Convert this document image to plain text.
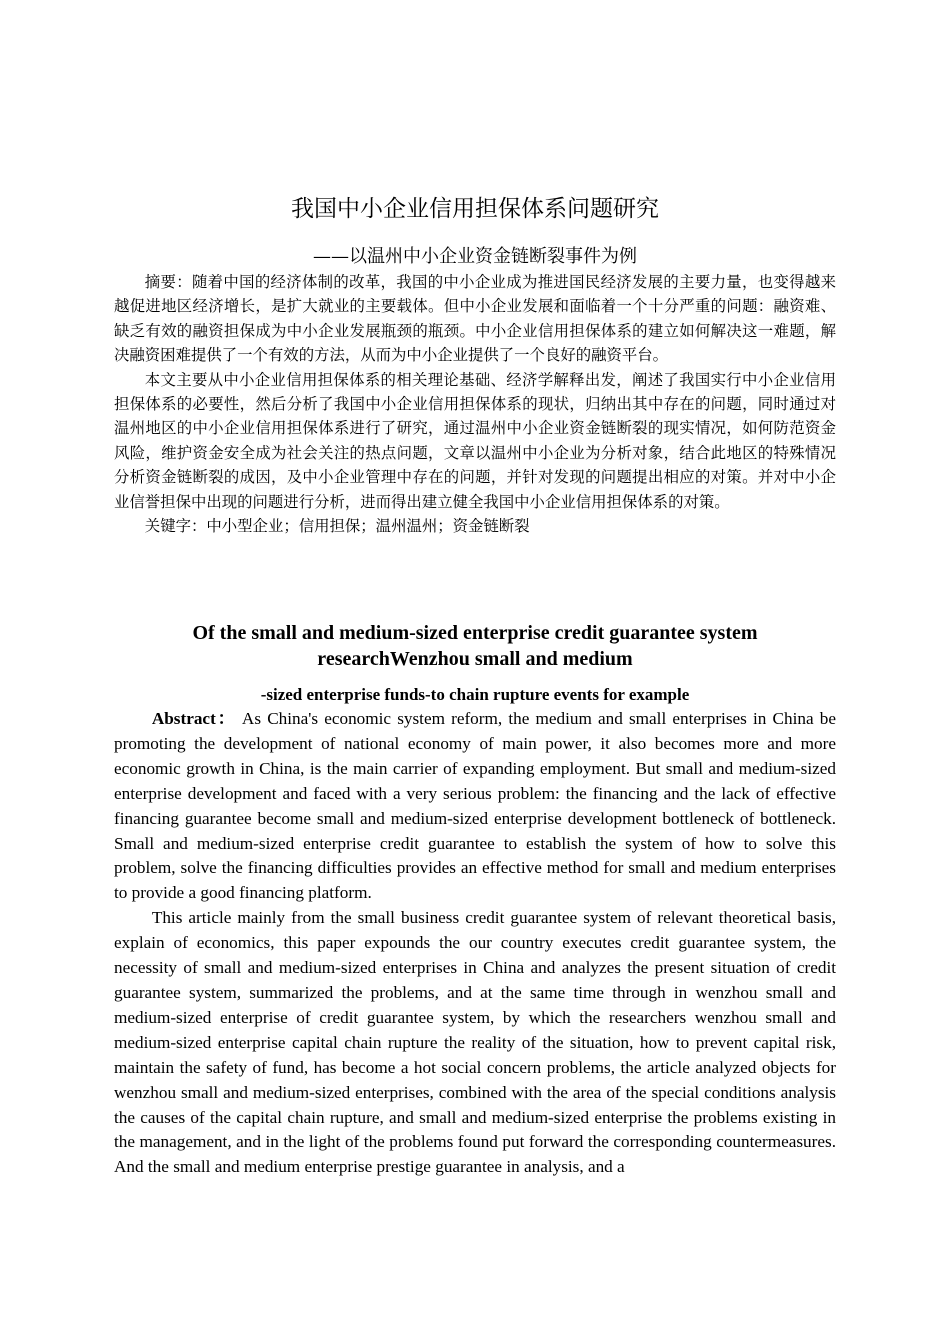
我国中小企业信用担保体系问题研究
——以温州中小企业资金链断裂事件为例

摘要：随着中国的经济体制的改革，我国的中小企业成为推进国民经济发展的主要力量，也变得越来越促进地区经济增长，是扩大就业的主要载体。但中小企业发展和面临着一个十分严重的问题：融资难、缺乏有效的融资担保成为中小企业发展瓶颈的瓶颈。中小企业信用担保体系的建立如何解决这一难题，解决融资困难提供了一个有效的方法，从而为中小企业提供了一个良好的融资平台。

本文主要从中小企业信用担保体系的相关理论基础、经济学解释出发，阐述了我国实行中小企业信用担保体系的必要性，然后分析了我国中小企业信用担保体系的现状，归纳出其中存在的问题，同时通过对温州地区的中小企业信用担保体系进行了研究，通过温州中小企业资金链断裂的现实情况，如何防范资金风险，维护资金安全成为社会关注的热点问题，文章以温州中小企业为分析对象，结合此地区的特殊情况分析资金链断裂的成因，及中小企业管理中存在的问题，并针对发现的问题提出相应的对策。并对中小企业信誉担保中出现的问题进行分析，进而得出建立健全我国中小企业信用担保体系的对策。

关键字：中小型企业；信用担保；温州温州；资金链断裂

Of the small and medium-sized enterprise credit guarantee system researchWenzhou small and medium
-sized enterprise funds-to chain rupture events for example

Abstract： As China's economic system reform, the medium and small enterprises in China be promoting the development of national economy of main power, it also becomes more and more economic growth in China, is the main carrier of expanding employment. But small and medium-sized enterprise development and faced with a very serious problem: the financing and the lack of effective financing guarantee become small and medium-sized enterprise development bottleneck of bottleneck. Small and medium-sized enterprise credit guarantee to establish the system of how to solve this problem, solve the financing difficulties provides an effective method for small and medium enterprises to provide a good financing platform.

This article mainly from the small business credit guarantee system of relevant theoretical basis, explain of economics, this paper expounds the our country executes credit guarantee system, the necessity of small and medium-sized enterprises in China and analyzes the present situation of credit guarantee system, summarized the problems, and at the same time through in wenzhou small and medium-sized enterprise of credit guarantee system, by which the researchers wenzhou small and medium-sized enterprise capital chain rupture the reality of the situation, how to prevent capital risk, maintain the safety of fund, has become a hot social concern problems, the article analyzed objects for wenzhou small and medium-sized enterprises, combined with the area of the special conditions analysis the causes of the capital chain rupture, and small and medium-sized enterprise the problems existing in the management, and in the light of the problems found put forward the corresponding countermeasures. And the small and medium enterprise prestige guarantee in analysis, and a
